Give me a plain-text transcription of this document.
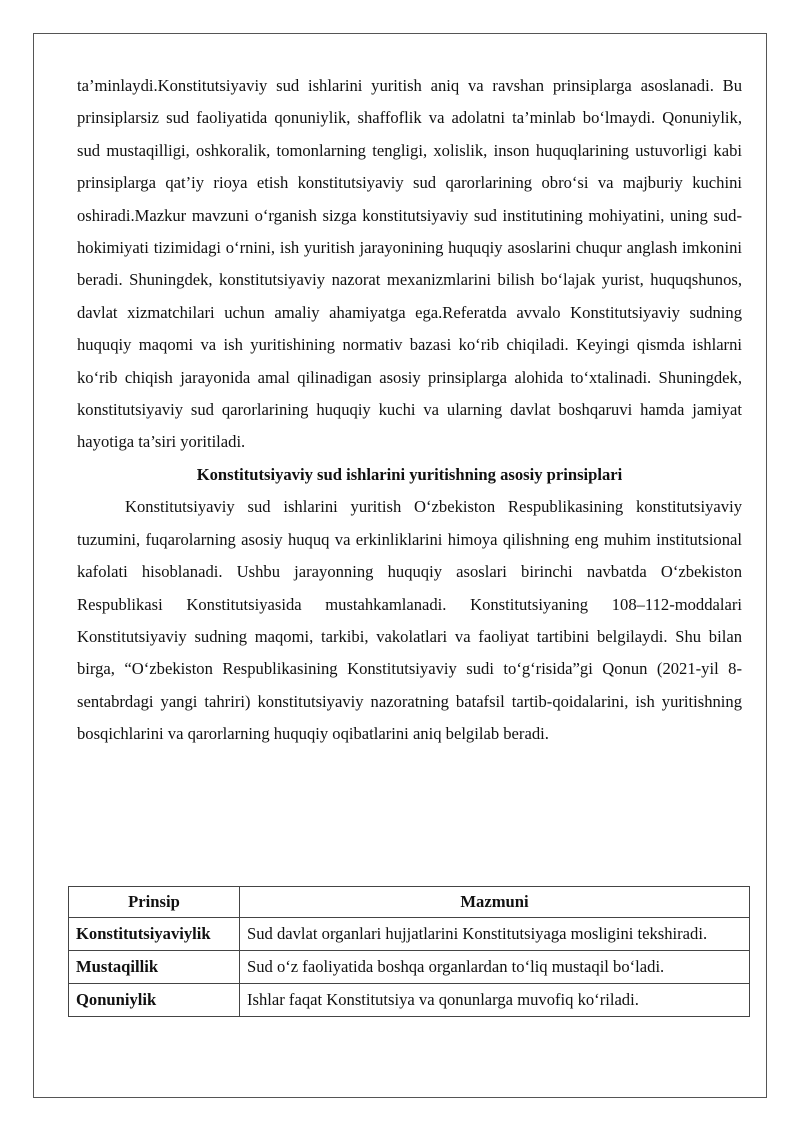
ta’minlaydi.Konstitutsiyaviy sud ishlarini yuritish aniq va ravshan prinsiplarga asoslanadi. Bu prinsiplarsiz sud faoliyatida qonuniylik, shaffoflik va adolatni ta’minlab bo‘lmaydi. Qonuniylik, sud mustaqilligi, oshkoralik, tomonlarning tengligi, xolislik, inson huquqlarining ustuvorligi kabi prinsiplarga qat’iy rioya etish konstitutsiyaviy sud qarorlarining obro‘si va majburiy kuchini oshiradi.Mazkur mavzuni o‘rganish sizga konstitutsiyaviy sud institutining mohiyatini, uning sud-hokimiyati tizimidagi o‘rnini, ish yuritish jarayonining huquqiy asoslarini chuqur anglash imkonini beradi. Shuningdek, konstitutsiyaviy nazorat mexanizmlarini bilish bo‘lajak yurist, huquqshunos, davlat xizmatchilari uchun amaliy ahamiyatga ega.Referatda avvalo Konstitutsiyaviy sudning huquqiy maqomi va ish yuritishining normativ bazasi ko‘rib chiqiladi. Keyingi qismda ishlarni ko‘rib chiqish jarayonida amal qilinadigan asosiy prinsiplarga alohida to‘xtalinadi. Shuningdek, konstitutsiyaviy sud qarorlarining huquqiy kuchi va ularning davlat boshqaruvi hamda jamiyat hayotiga ta’siri yoritiladi.

Konstitutsiyaviy sud ishlarini yuritishning asosiy prinsiplari

Konstitutsiyaviy sud ishlarini yuritish O‘zbekiston Respublikasining konstitutsiyaviy tuzumini, fuqarolarning asosiy huquq va erkinliklarini himoya qilishning eng muhim institutsional kafolati hisoblanadi. Ushbu jarayonning huquqiy asoslari birinchi navbatda O‘zbekiston Respublikasi Konstitutsiyasida mustahkamlanadi. Konstitutsiyaning 108–112-moddalari Konstitutsiyaviy sudning maqomi, tarkibi, vakolatlari va faoliyat tartibini belgilaydi. Shu bilan birga, “O‘zbekiston Respublikasining Konstitutsiyaviy sudi to‘g‘risida”gi Qonun (2021-yil 8-sentabrdagi yangi tahriri) konstitutsiyaviy nazoratning batafsil tartib-qoidalarini, ish yuritishning bosqichlarini va qarorlarning huquqiy oqibatlarini aniq belgilab beradi.

Prinsip	Mazmuni
Konstitutsiyaviylik	Sud davlat organlari hujjatlarini Konstitutsiyaga mosligini tekshiradi.
Mustaqillik	Sud o‘z faoliyatida boshqa organlardan to‘liq mustaqil bo‘ladi.
Qonuniylik	Ishlar faqat Konstitutsiya va qonunlarga muvofiq ko‘riladi.
